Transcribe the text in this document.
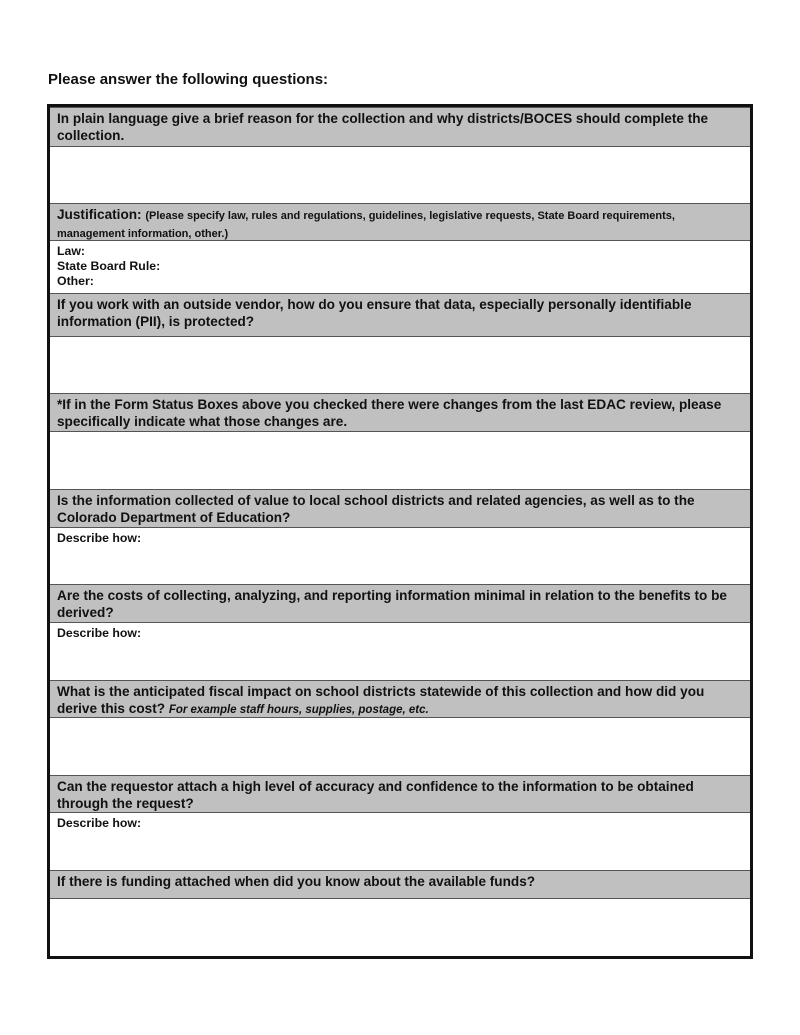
Please answer the following questions:
In plain language give a brief reason for the collection and why districts/BOCES should complete the collection.
Justification: (Please specify law, rules and regulations, guidelines, legislative requests, State Board requirements, management information, other.)
Law:
State Board Rule:
Other:
If you work with an outside vendor, how do you ensure that data, especially personally identifiable information (PII), is protected?
*If in the Form Status Boxes above you checked there were changes from the last EDAC review, please specifically indicate what those changes are.
Is the information collected of value to local school districts and related agencies, as well as to the Colorado Department of Education?
Describe how:
Are the costs of collecting, analyzing, and reporting information minimal in relation to the benefits to be derived?
Describe how:
What is the anticipated fiscal impact on school districts statewide of this collection and how did you derive this cost? For example staff hours, supplies, postage, etc.
Can the requestor attach a high level of accuracy and confidence to the information to be obtained through the request?
Describe how:
If there is funding attached when did you know about the available funds?
